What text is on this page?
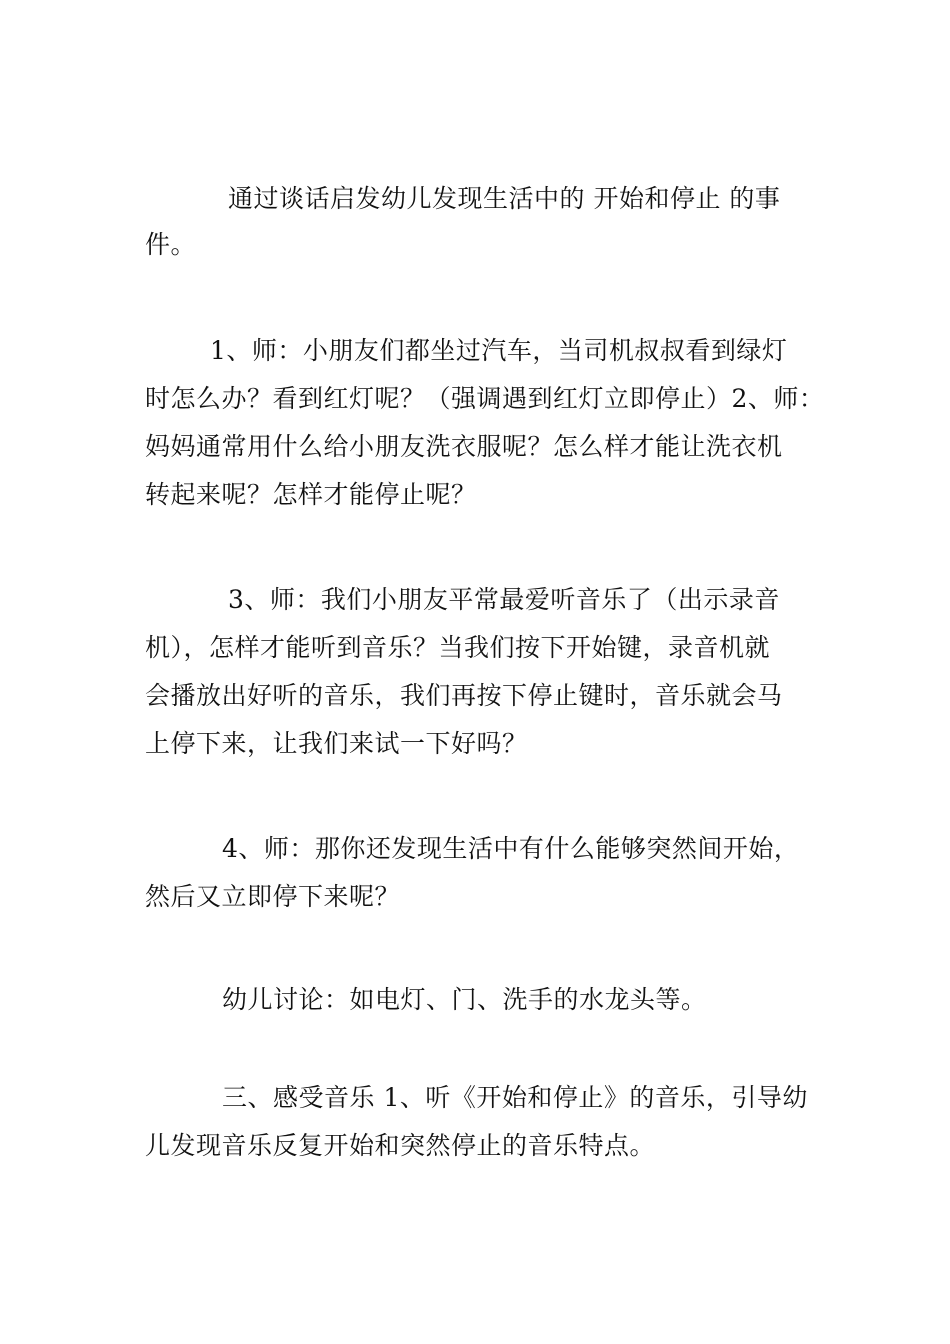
通过谈话启发幼儿发现生活中的 开始和停止 的事
件。
1、师：小朋友们都坐过汽车，当司机叔叔看到绿灯
时怎么办？看到红灯呢？（强调遇到红灯立即停止）2、师：
妈妈通常用什么给小朋友洗衣服呢？怎么样才能让洗衣机
转起来呢？怎样才能停止呢？
3、师：我们小朋友平常最爱听音乐了（出示录音
机），怎样才能听到音乐？当我们按下开始键，录音机就
会播放出好听的音乐，我们再按下停止键时，音乐就会马
上停下来，让我们来试一下好吗？
4、师：那你还发现生活中有什么能够突然间开始，
然后又立即停下来呢？
幼儿讨论：如电灯、门、洗手的水龙头等。
三、感受音乐 1、听《开始和停止》的音乐，引导幼
儿发现音乐反复开始和突然停止的音乐特点。
